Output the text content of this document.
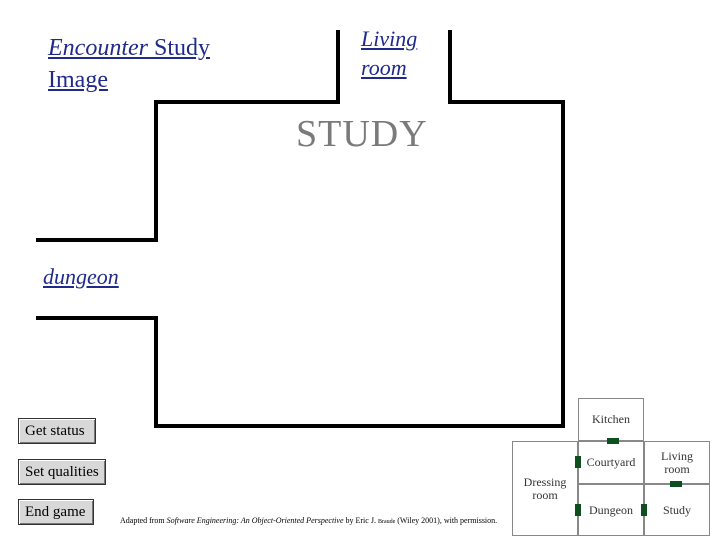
Encounter Study
Image
Living
room
STUDY
dungeon
Get status
Set qualities
End game
Adapted from Software Engineering: An Object-Oriented Perspective by Eric J. Braude (Wiley 2001), with permission.
Kitchen
Dressing room
Courtyard	Living room
Dungeon	Study
